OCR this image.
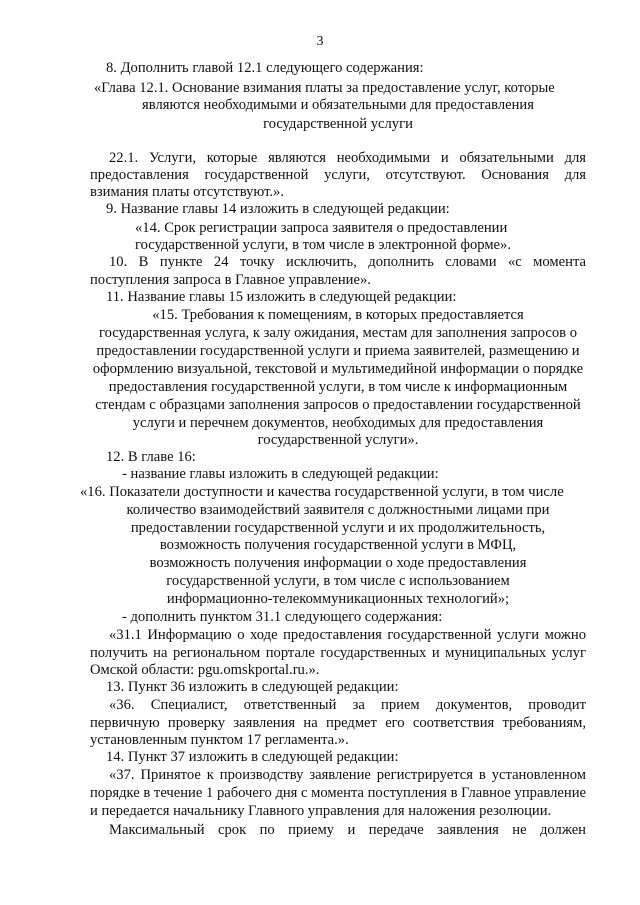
3
8. Дополнить главой 12.1 следующего содержания:
«Глава 12.1. Основание взимания платы за предоставление услуг, которые
являются необходимыми и обязательными для предоставления
государственной услуги
22.1. Услуги, которые являются необходимыми и обязательными для
предоставления государственной услуги, отсутствуют. Основания для
взимания платы отсутствуют.».
9. Название главы 14 изложить в следующей редакции:
«14. Срок регистрации запроса заявителя о предоставлении
государственной услуги, в том числе в электронной форме».
10. В пункте 24 точку исключить, дополнить словами «с момента
поступления запроса в Главное управление».
11. Название главы 15 изложить в следующей редакции:
«15. Требования к помещениям, в которых предоставляется
государственная услуга, к залу ожидания, местам для заполнения запросов о
предоставлении государственной услуги и приема заявителей, размещению и
оформлению визуальной, текстовой и мультимедийной информации о порядке
предоставления государственной услуги, в том числе к информационным
стендам с образцами заполнения запросов о предоставлении государственной
услуги и перечнем документов, необходимых для предоставления
государственной услуги».
12. В главе 16:
- название главы изложить в следующей редакции:
«16. Показатели доступности и качества государственной услуги, в том числе
количество взаимодействий заявителя с должностными лицами при
предоставлении государственной услуги и их продолжительность,
возможность получения государственной услуги в МФЦ,
возможность получения информации о ходе предоставления
государственной услуги, в том числе с использованием
информационно-телекоммуникационных технологий»;
- дополнить пунктом 31.1 следующего содержания:
«31.1 Информацию о ходе предоставления государственной услуги можно
получить на региональном портале государственных и муниципальных услуг
Омской области: pgu.omskportal.ru.».
13. Пункт 36 изложить в следующей редакции:
«36. Специалист, ответственный за прием документов, проводит
первичную проверку заявления на предмет его соответствия требованиям,
установленным пунктом 17 регламента.».
14. Пункт 37 изложить в следующей редакции:
«37. Принятое к производству заявление регистрируется в установленном
порядке в течение 1 рабочего дня с момента поступления в Главное управление
и передается начальнику Главного управления для наложения резолюции.
Максимальный срок по приему и передаче заявления не должен
